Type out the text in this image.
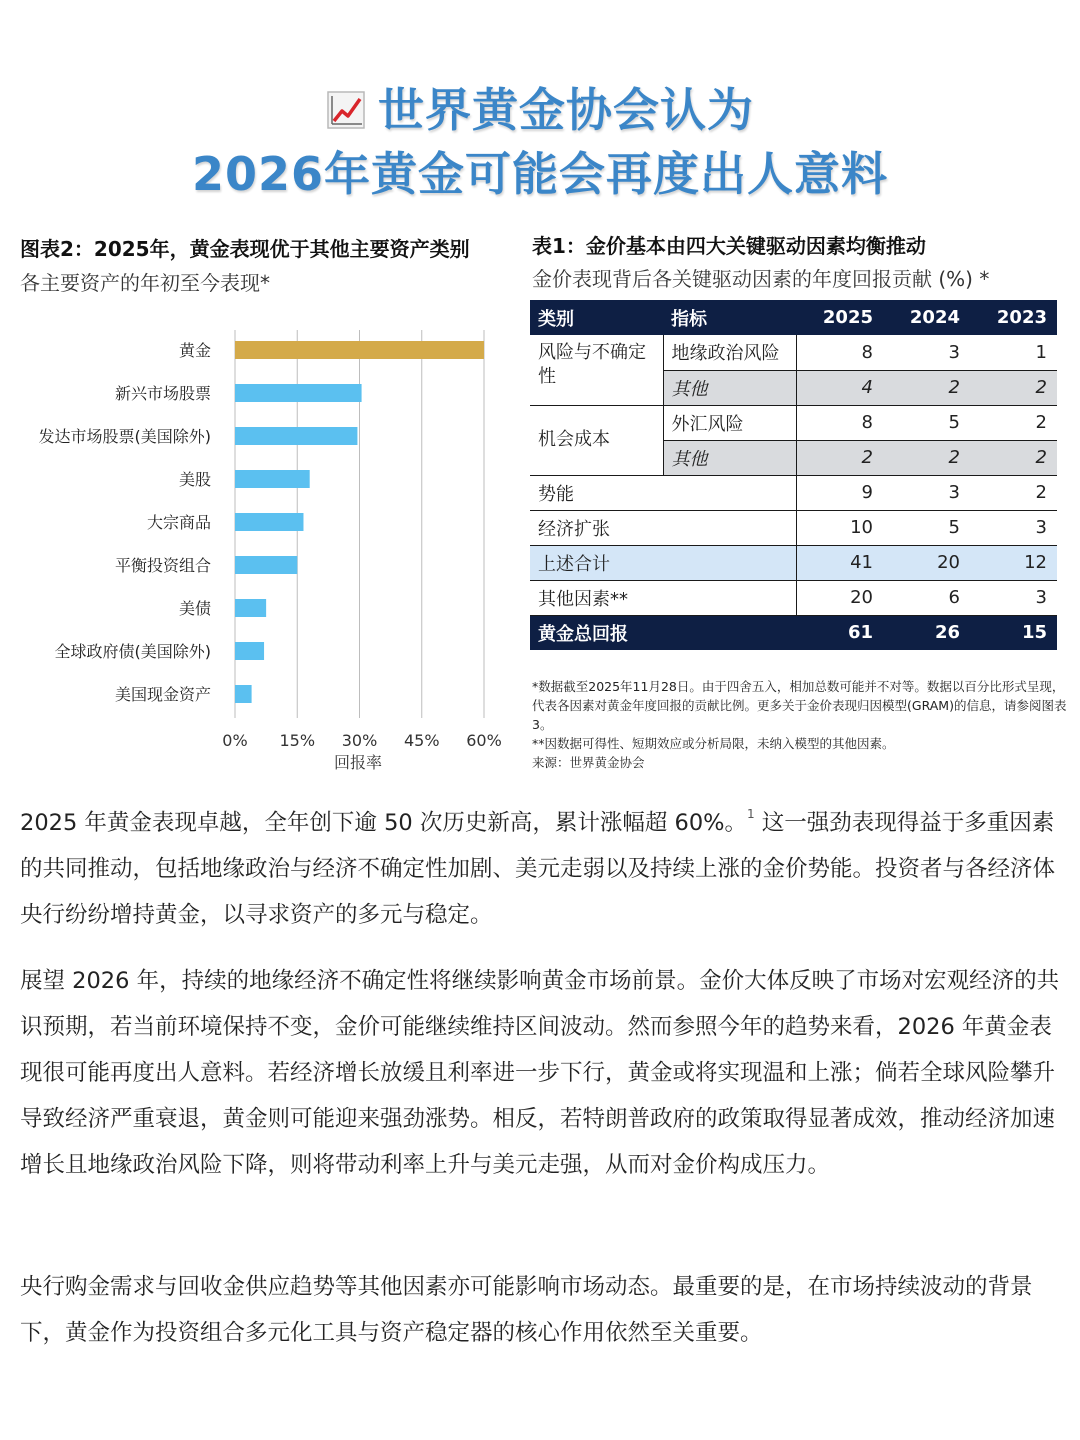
世界黄金协会认为
2026年黄金可能会再度出人意料
图表2：2025年，黄金表现优于其他主要资产类别
各主要资产的年初至今表现*
0% 15% 30% 45% 60%
黄金
新兴市场股票
发达市场股票(美国除外)
美股
大宗商品
平衡投资组合
美债
全球政府债(美国除外)
美国现金资产
回报率
表1：金价基本由四大关键驱动因素均衡推动
金价表现背后各关键驱动因素的年度回报贡献 (%) *
类别	指标	2025	2024	2023
风险与不确定性	地缘政治风险	8	3	1
	其他	4	2	2
机会成本	外汇风险	8	5	2
	其他	2	2	2
势能		9	3	2
经济扩张		10	5	3
上述合计		41	20	12
其他因素**		20	6	3
黄金总回报		61	26	15
*数据截至2025年11月28日。由于四舍五入，相加总数可能并不对等。数据以百分比形式呈现，代表各因素对黄金年度回报的贡献比例。更多关于金价表现归因模型(GRAM)的信息，请参阅图表3。
**因数据可得性、短期效应或分析局限，未纳入模型的其他因素。
来源：世界黄金协会

2025 年黄金表现卓越，全年创下逾 50 次历史新高，累计涨幅超 60%。$^1$ 这一强劲表现得益于多重因素的共同推动，包括地缘政治与经济不确定性加剧、美元走弱以及持续上涨的金价势能。投资者与各经济体央行纷纷增持黄金，以寻求资产的多元与稳定。

展望 2026 年，持续的地缘经济不确定性将继续影响黄金市场前景。金价大体反映了市场对宏观经济的共识预期，若当前环境保持不变，金价可能继续维持区间波动。然而参照今年的趋势来看，2026 年黄金表现很可能再度出人意料。若经济增长放缓且利率进一步下行，黄金或将实现温和上涨；倘若全球风险攀升导致经济严重衰退，黄金则可能迎来强劲涨势。相反，若特朗普政府的政策取得显著成效，推动经济加速增长且地缘政治风险下降，则将带动利率上升与美元走强，从而对金价构成压力。

央行购金需求与回收金供应趋势等其他因素亦可能影响市场动态。最重要的是，在市场持续波动的背景下，黄金作为投资组合多元化工具与资产稳定器的核心作用依然至关重要。
